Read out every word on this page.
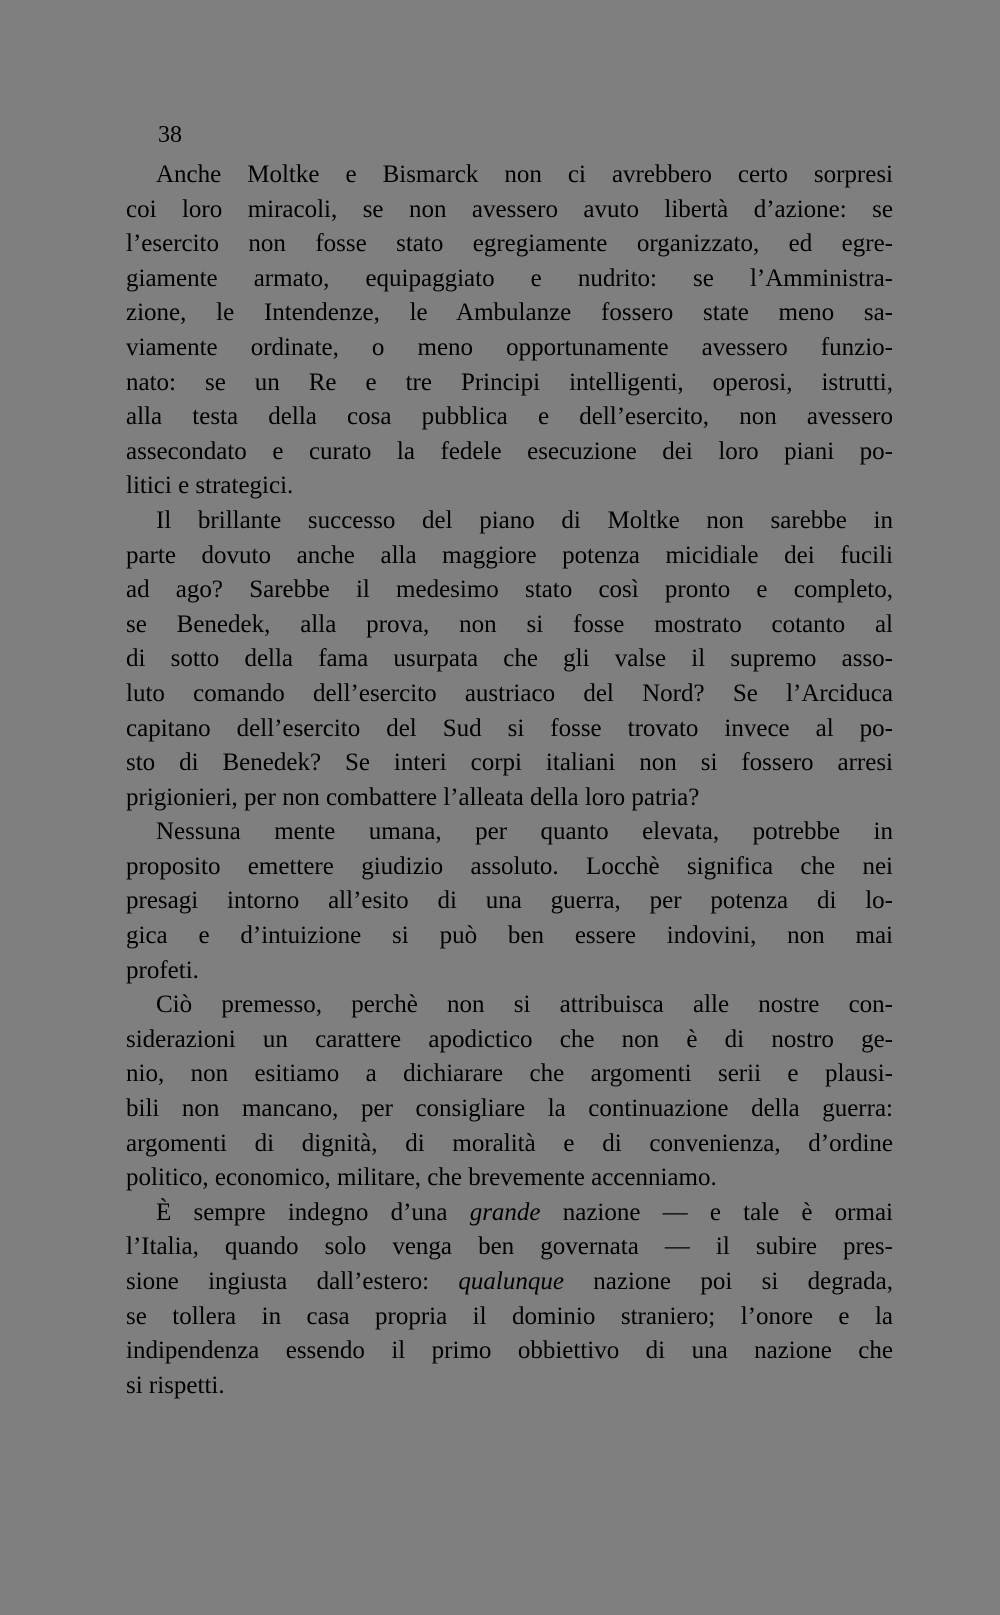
38
Anche Moltke e Bismarck non ci avrebbero certo sorpresi
coi loro miracoli, se non avessero avuto libertà d’azione: se
l’esercito non fosse stato egregiamente organizzato, ed egre-
giamente armato, equipaggiato e nudrito: se l’Amministra-
zione, le Intendenze, le Ambulanze fossero state meno sa-
viamente ordinate, o meno opportunamente avessero funzio-
nato: se un Re e tre Principi intelligenti, operosi, istrutti,
alla testa della cosa pubblica e dell’esercito, non avessero
assecondato e curato la fedele esecuzione dei loro piani po-
litici e strategici.
Il brillante successo del piano di Moltke non sarebbe in
parte dovuto anche alla maggiore potenza micidiale dei fucili
ad ago? Sarebbe il medesimo stato così pronto e completo,
se Benedek, alla prova, non si fosse mostrato cotanto al
di sotto della fama usurpata che gli valse il supremo asso-
luto comando dell’esercito austriaco del Nord? Se l’Arciduca
capitano dell’esercito del Sud si fosse trovato invece al po-
sto di Benedek? Se interi corpi italiani non si fossero arresi
prigionieri, per non combattere l’alleata della loro patria?
Nessuna mente umana, per quanto elevata, potrebbe in
proposito emettere giudizio assoluto. Locchè significa che nei
presagi intorno all’esito di una guerra, per potenza di lo-
gica e d’intuizione si può ben essere indovini, non mai
profeti.
Ciò premesso, perchè non si attribuisca alle nostre con-
siderazioni un carattere apodictico che non è di nostro ge-
nio, non esitiamo a dichiarare che argomenti serii e plausi-
bili non mancano, per consigliare la continuazione della guerra:
argomenti di dignità, di moralità e di convenienza, d’ordine
politico, economico, militare, che brevemente accenniamo.
È sempre indegno d’una grande nazione — e tale è ormai
l’Italia, quando solo venga ben governata — il subire pres-
sione ingiusta dall’estero: qualunque nazione poi si degrada,
se tollera in casa propria il dominio straniero; l’onore e la
indipendenza essendo il primo obbiettivo di una nazione che
si rispetti.
